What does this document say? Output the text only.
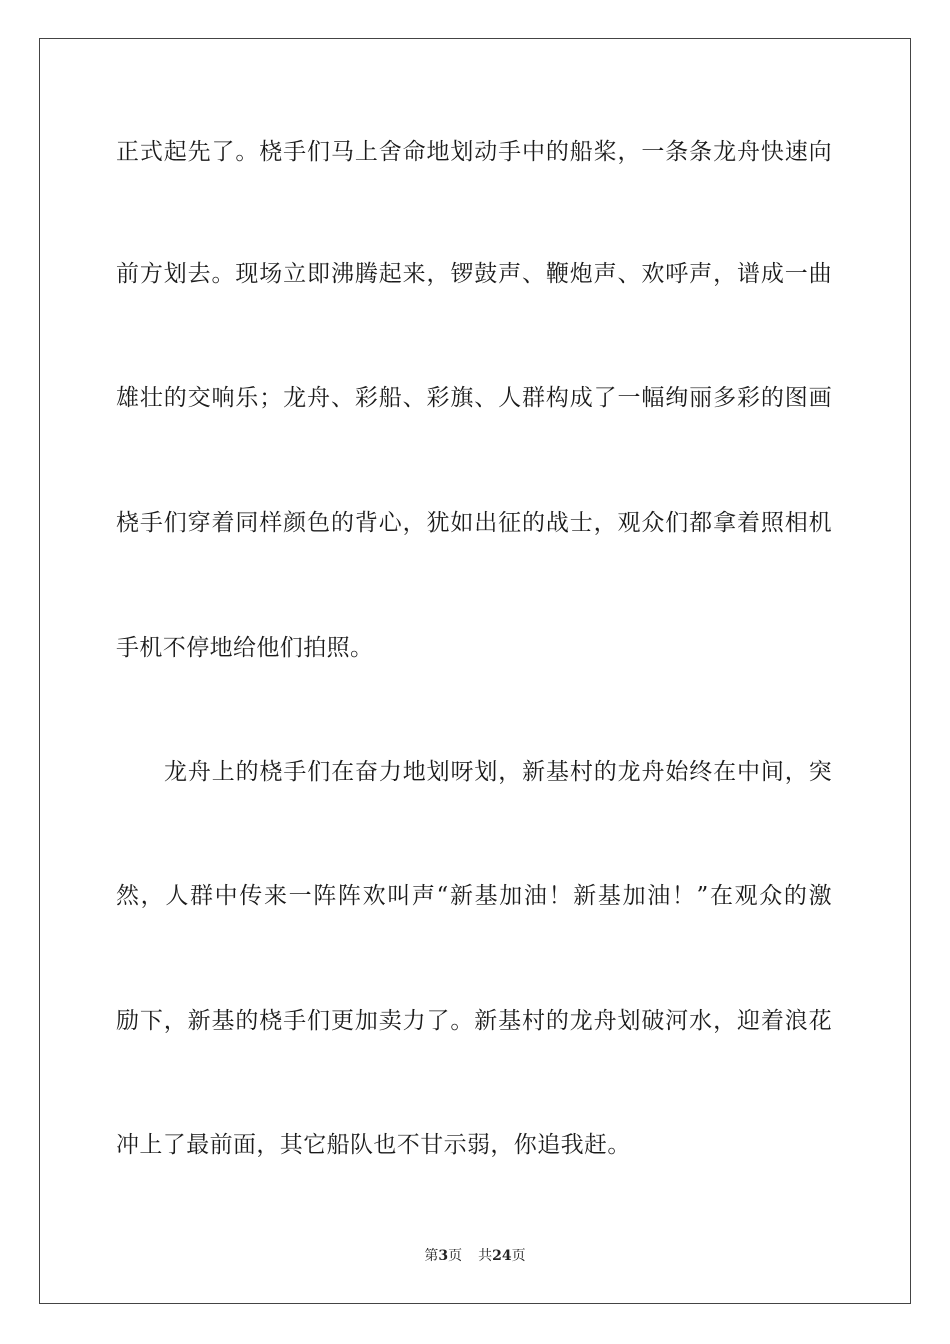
正式起先了。桡手们马上舍命地划动手中的船桨，一条条龙舟快速向
前方划去。现场立即沸腾起来，锣鼓声、鞭炮声、欢呼声，谱成一曲
雄壮的交响乐；龙舟、彩船、彩旗、人群构成了一幅绚丽多彩的图画
桡手们穿着同样颜色的背心，犹如出征的战士，观众们都拿着照相机
手机不停地给他们拍照。
龙舟上的桡手们在奋力地划呀划，新基村的龙舟始终在中间，突
然，人群中传来一阵阵欢叫声“新基加油！新基加油！”在观众的激
励下，新基的桡手们更加卖力了。新基村的龙舟划破河水，迎着浪花
冲上了最前面，其它船队也不甘示弱，你追我赶。
第3页 共24页
